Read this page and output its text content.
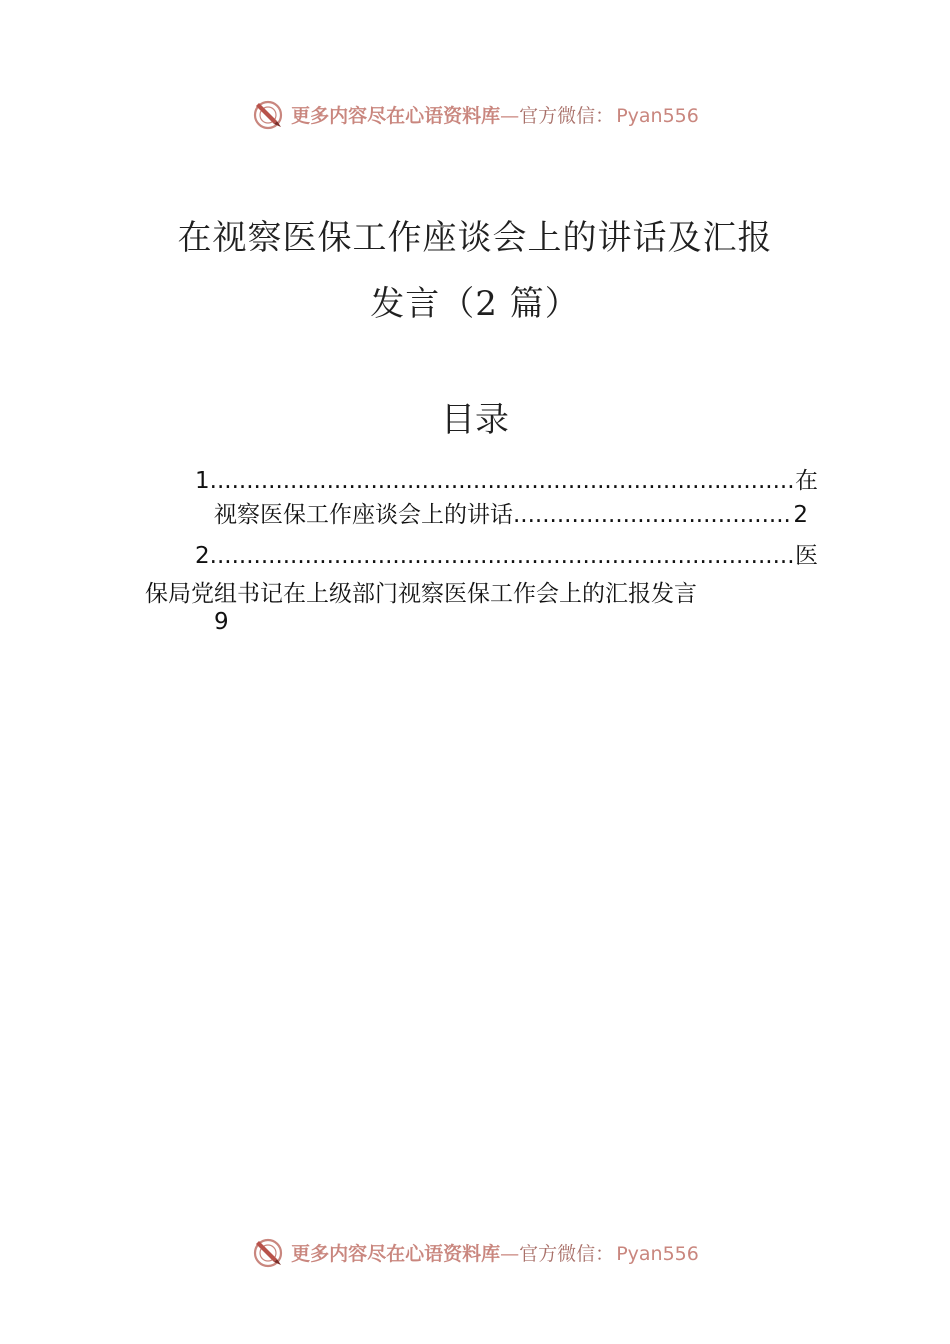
更多内容尽在心语资料库 — 官方微信： Pyan556
在视察医保工作座谈会上的讲话及汇报
发言（2 篇）
目录
1 .....	在
视察医保工作座谈会上的讲话 .....	2
2 .....	医
保局党组书记在上级部门视察医保工作会上的汇报发言
9
更多内容尽在心语资料库 — 官方微信： Pyan556
